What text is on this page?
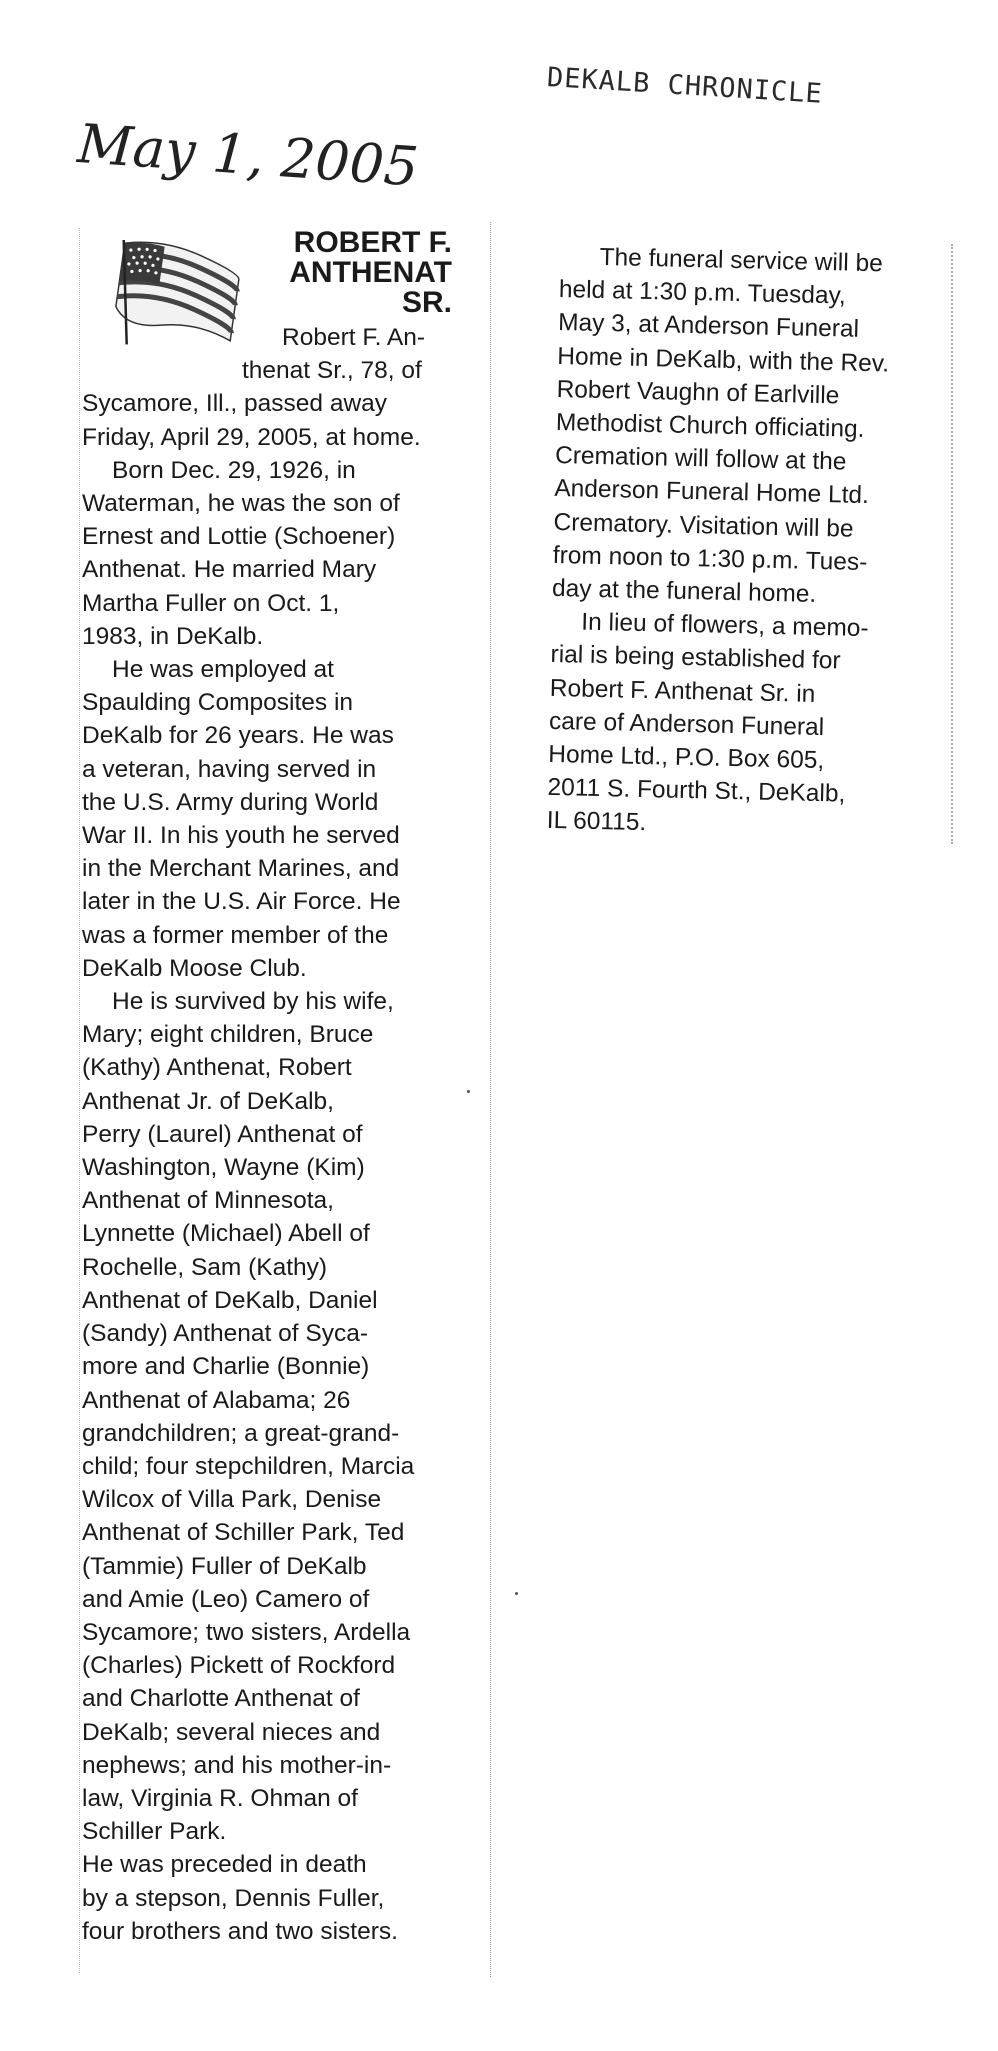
DEKALB CHRONICLE
May 1, 2005
ROBERT F.
ANTHENAT
SR.
Robert F. An-
thenat Sr., 78, of
Sycamore, Ill., passed away
Friday, April 29, 2005, at home.
Born Dec. 29, 1926, in
Waterman, he was the son of
Ernest and Lottie (Schoener)
Anthenat. He married Mary
Martha Fuller on Oct. 1,
1983, in DeKalb.
He was employed at
Spaulding Composites in
DeKalb for 26 years. He was
a veteran, having served in
the U.S. Army during World
War II. In his youth he served
in the Merchant Marines, and
later in the U.S. Air Force. He
was a former member of the
DeKalb Moose Club.
He is survived by his wife,
Mary; eight children, Bruce
(Kathy) Anthenat, Robert
Anthenat Jr. of DeKalb,
Perry (Laurel) Anthenat of
Washington, Wayne (Kim)
Anthenat of Minnesota,
Lynnette (Michael) Abell of
Rochelle, Sam (Kathy)
Anthenat of DeKalb, Daniel
(Sandy) Anthenat of Syca-
more and Charlie (Bonnie)
Anthenat of Alabama; 26
grandchildren; a great-grand-
child; four stepchildren, Marcia
Wilcox of Villa Park, Denise
Anthenat of Schiller Park, Ted
(Tammie) Fuller of DeKalb
and Amie (Leo) Camero of
Sycamore; two sisters, Ardella
(Charles) Pickett of Rockford
and Charlotte Anthenat of
DeKalb; several nieces and
nephews; and his mother-in-
law, Virginia R. Ohman of
Schiller Park.
He was preceded in death
by a stepson, Dennis Fuller,
four brothers and two sisters.
The funeral service will be
held at 1:30 p.m. Tuesday,
May 3, at Anderson Funeral
Home in DeKalb, with the Rev.
Robert Vaughn of Earlville
Methodist Church officiating.
Cremation will follow at the
Anderson Funeral Home Ltd.
Crematory. Visitation will be
from noon to 1:30 p.m. Tues-
day at the funeral home.
In lieu of flowers, a memo-
rial is being established for
Robert F. Anthenat Sr. in
care of Anderson Funeral
Home Ltd., P.O. Box 605,
2011 S. Fourth St., DeKalb,
IL 60115.
